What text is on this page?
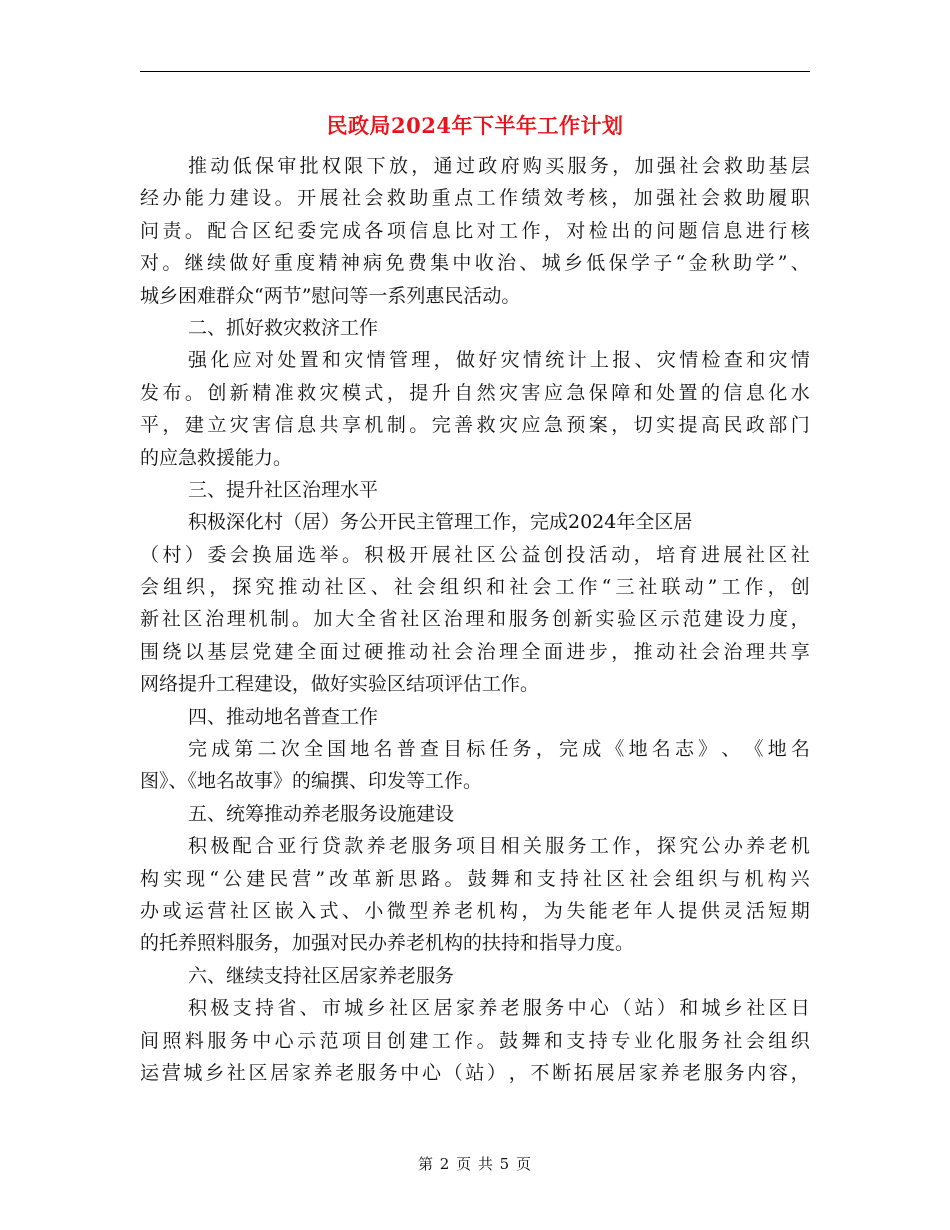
民政局2024年下半年工作计划
推 动 低 保 审 批 权 限 下 放 ， 通 过 政 府 购 买 服 务 ， 加 强 社 会 救 助 基 层
经 办 能 力 建 设 。 开 展 社 会 救 助 重 点 工 作 绩 效 考 核 ， 加 强 社 会 救 助 履 职
问 责 。 配 合 区 纪 委 完 成 各 项 信 息 比 对 工 作 ， 对 检 出 的 问 题 信 息 进 行 核
对 。 继 续 做 好 重 度 精 神 病 免 费 集 中 收 治 、 城 乡 低 保 学 子 “ 金 秋 助 学 ” 、
城乡困难群众“两节”慰问等一系列惠民活动。
二、抓好救灾救济工作
强 化 应 对 处 置 和 灾 情 管 理 ， 做 好 灾 情 统 计 上 报 、 灾 情 检 查 和 灾 情
发 布 。 创 新 精 准 救 灾 模 式 ， 提 升 自 然 灾 害 应 急 保 障 和 处 置 的 信 息 化 水
平 ， 建 立 灾 害 信 息 共 享 机 制 。 完 善 救 灾 应 急 预 案 ， 切 实 提 高 民 政 部 门
的应急救援能力。
三、提升社区治理水平
积极深化村（居）务公开民主管理工作，完成2024年全区居
（ 村 ） 委 会 换 届 选 举 。 积 极 开 展 社 区 公 益 创 投 活 动 ， 培 育 进 展 社 区 社
会 组 织 ， 探 究 推 动 社 区 、 社 会 组 织 和 社 会 工 作 “ 三 社 联 动 ” 工 作 ， 创
新 社 区 治 理 机 制 。 加 大 全 省 社 区 治 理 和 服 务 创 新 实 验 区 示 范 建 设 力 度 ，
围 绕 以 基 层 党 建 全 面 过 硬 推 动 社 会 治 理 全 面 进 步 ， 推 动 社 会 治 理 共 享
网络提升工程建设，做好实验区结项评估工作。
四、推动地名普查工作
完 成 第 二 次 全 国 地 名 普 查 目 标 任 务 ， 完 成 《 地 名 志 》 、 《 地 名
图》、《地名故事》的编撰、印发等工作。
五、统筹推动养老服务设施建设
积 极 配 合 亚 行 贷 款 养 老 服 务 项 目 相 关 服 务 工 作 ， 探 究 公 办 养 老 机
构 实 现 “ 公 建 民 营 ” 改 革 新 思 路 。 鼓 舞 和 支 持 社 区 社 会 组 织 与 机 构 兴
办 或 运 营 社 区 嵌 入 式 、 小 微 型 养 老 机 构 ， 为 失 能 老 年 人 提 供 灵 活 短 期
的托养照料服务，加强对民办养老机构的扶持和指导力度。
六、继续支持社区居家养老服务
积 极 支 持 省 、 市 城 乡 社 区 居 家 养 老 服 务 中 心 （ 站 ） 和 城 乡 社 区 日
间 照 料 服 务 中 心 示 范 项 目 创 建 工 作 。 鼓 舞 和 支 持 专 业 化 服 务 社 会 组 织
运 营 城 乡 社 区 居 家 养 老 服 务 中 心 （ 站 ） ， 不 断 拓 展 居 家 养 老 服 务 内 容 ，
第 2 页 共 5 页
